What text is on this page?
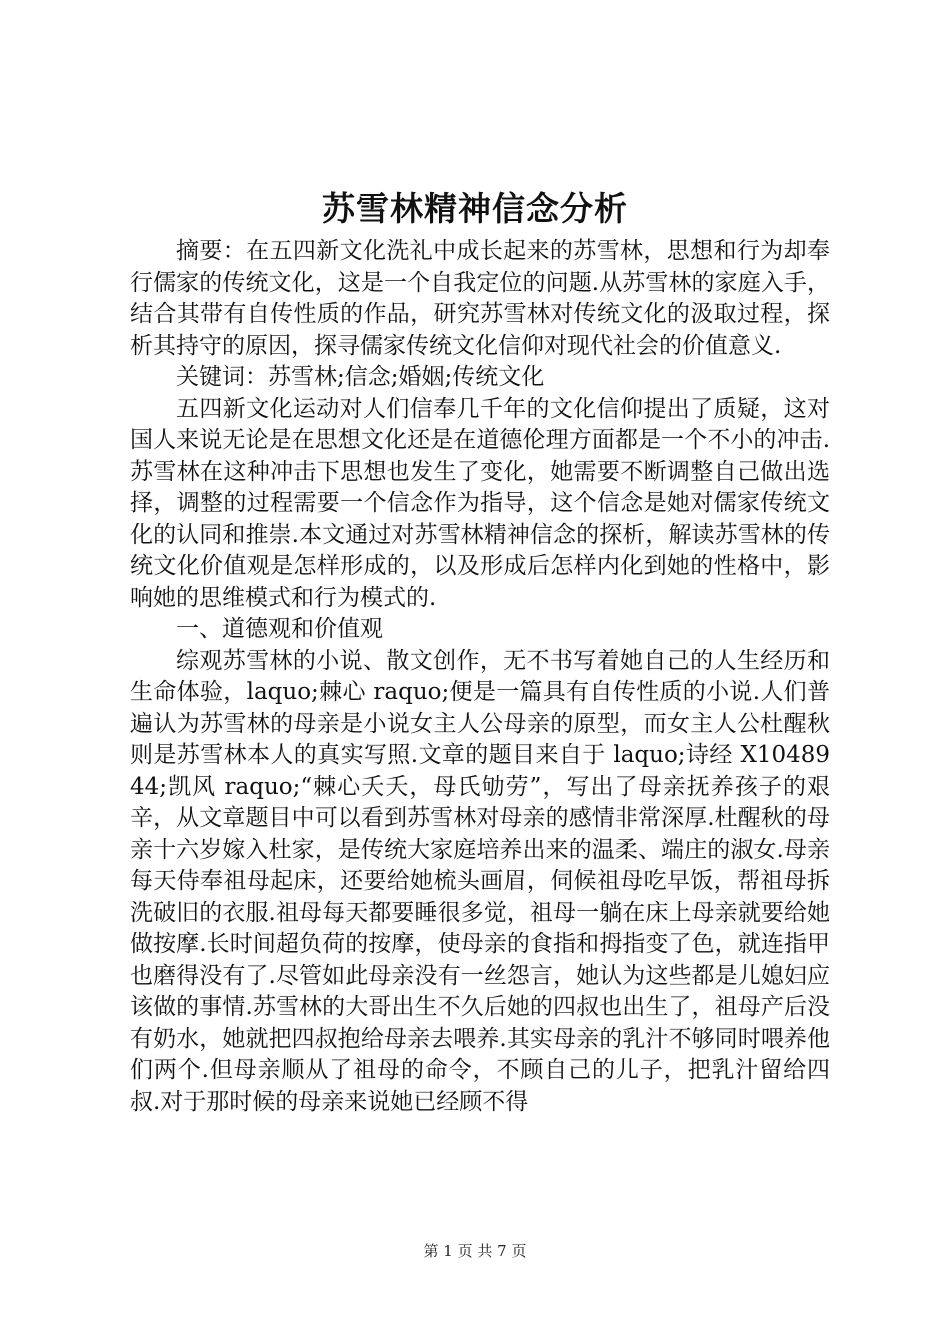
苏雪林精神信念分析

摘要：在五四新文化洗礼中成长起来的苏雪林，思想和行为却奉行儒家的传统文化，这是一个自我定位的问题.从苏雪林的家庭入手，结合其带有自传性质的作品，研究苏雪林对传统文化的汲取过程，探析其持守的原因，探寻儒家传统文化信仰对现代社会的价值意义.

关键词：苏雪林;信念;婚姻;传统文化

五四新文化运动对人们信奉几千年的文化信仰提出了质疑，这对国人来说无论是在思想文化还是在道德伦理方面都是一个不小的冲击.苏雪林在这种冲击下思想也发生了变化，她需要不断调整自己做出选择，调整的过程需要一个信念作为指导，这个信念是她对儒家传统文化的认同和推崇.本文通过对苏雪林精神信念的探析，解读苏雪林的传统文化价值观是怎样形成的，以及形成后怎样内化到她的性格中，影响她的思维模式和行为模式的.

一、道德观和价值观

综观苏雪林的小说、散文创作，无不书写着她自己的人生经历和生命体验，laquo;棘心 raquo;便是一篇具有自传性质的小说.人们普遍认为苏雪林的母亲是小说女主人公母亲的原型，而女主人公杜醒秋则是苏雪林本人的真实写照.文章的题目来自于 laquo;诗经 X1048944;凯风 raquo;“棘心夭夭，母氏劬劳”，写出了母亲抚养孩子的艰辛，从文章题目中可以看到苏雪林对母亲的感情非常深厚.杜醒秋的母亲十六岁嫁入杜家，是传统大家庭培养出来的温柔、端庄的淑女.母亲每天侍奉祖母起床，还要给她梳头画眉，伺候祖母吃早饭，帮祖母拆洗破旧的衣服.祖母每天都要睡很多觉，祖母一躺在床上母亲就要给她做按摩.长时间超负荷的按摩，使母亲的食指和拇指变了色，就连指甲也磨得没有了.尽管如此母亲没有一丝怨言，她认为这些都是儿媳妇应该做的事情.苏雪林的大哥出生不久后她的四叔也出生了，祖母产后没有奶水，她就把四叔抱给母亲去喂养.其实母亲的乳汁不够同时喂养他们两个.但母亲顺从了祖母的命令，不顾自己的儿子，把乳汁留给四叔.对于那时候的母亲来说她已经顾不得

第 1 页 共 7 页
